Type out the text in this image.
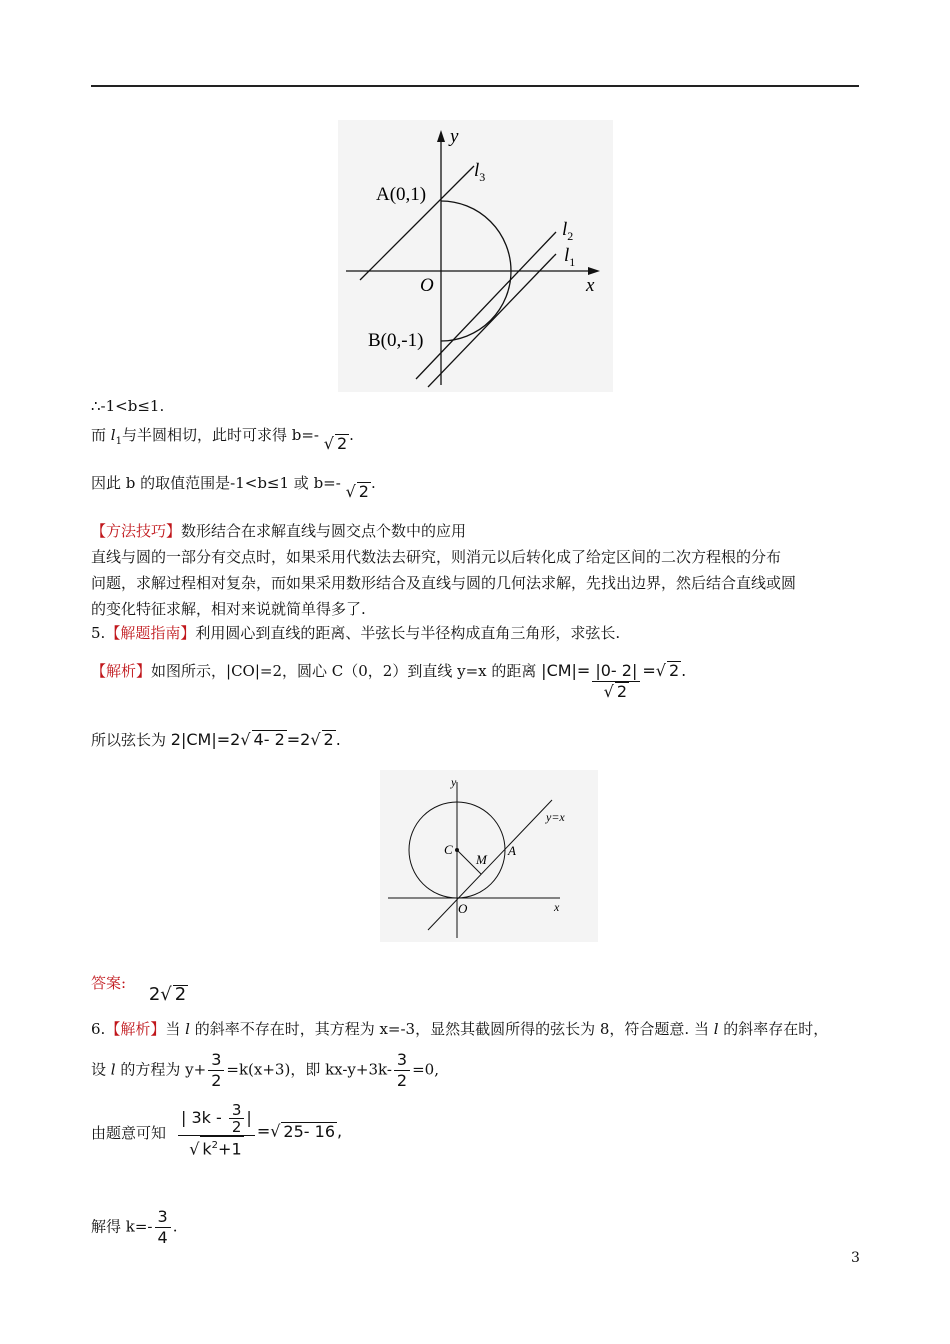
y
x
O
A(0,1)
B(0,-1)
$l_3$
$l_2$
$l_1$
∴-1<b≤1.
而 $l_1$与半圆相切，此时可求得 b=- √ 2 .
因此 b 的取值范围是-1<b≤1 或 b=- √ 2 .
【方法技巧】数形结合在求解直线与圆交点个数中的应用
直线与圆的一部分有交点时，如果采用代数法去研究，则消元以后转化成了给定区间的二次方程根的分布
问题，求解过程相对复杂，而如果采用数形结合及直线与圆的几何法求解，先找出边界，然后结合直线或圆
的变化特征求解，相对来说就简单得多了.
5.【解题指南】利用圆心到直线的距离、半弦长与半径构成直角三角形，求弦长.
【解析】如图所示，|CO|=2，圆心 C（0，2）到直线 y=x 的距离 $|CM|= \frac{|0- 2|}{√ 2}$ =√ 2 .
所以弦长为 2|CM|=2√ 4- 2 =2√ 2 .
y
x
O
C
M
A
y=x
答案: 2√ 2
6.【解析】当 l 的斜率不存在时，其方程为 x=-3，显然其截圆所得的弦长为 8，符合题意. 当 l 的斜率存在时，
设 l 的方程为 $y+ \frac{3}{2} =k(x+3)$，即 $kx-y+3k- \frac{3}{2} =0$,
由题意可知 $\frac{| 3k - \frac{3}{2} |}{√ k^2+1}$ =√ 25- 16 ,
解得 $k=- \frac{3}{4}$ .
3
